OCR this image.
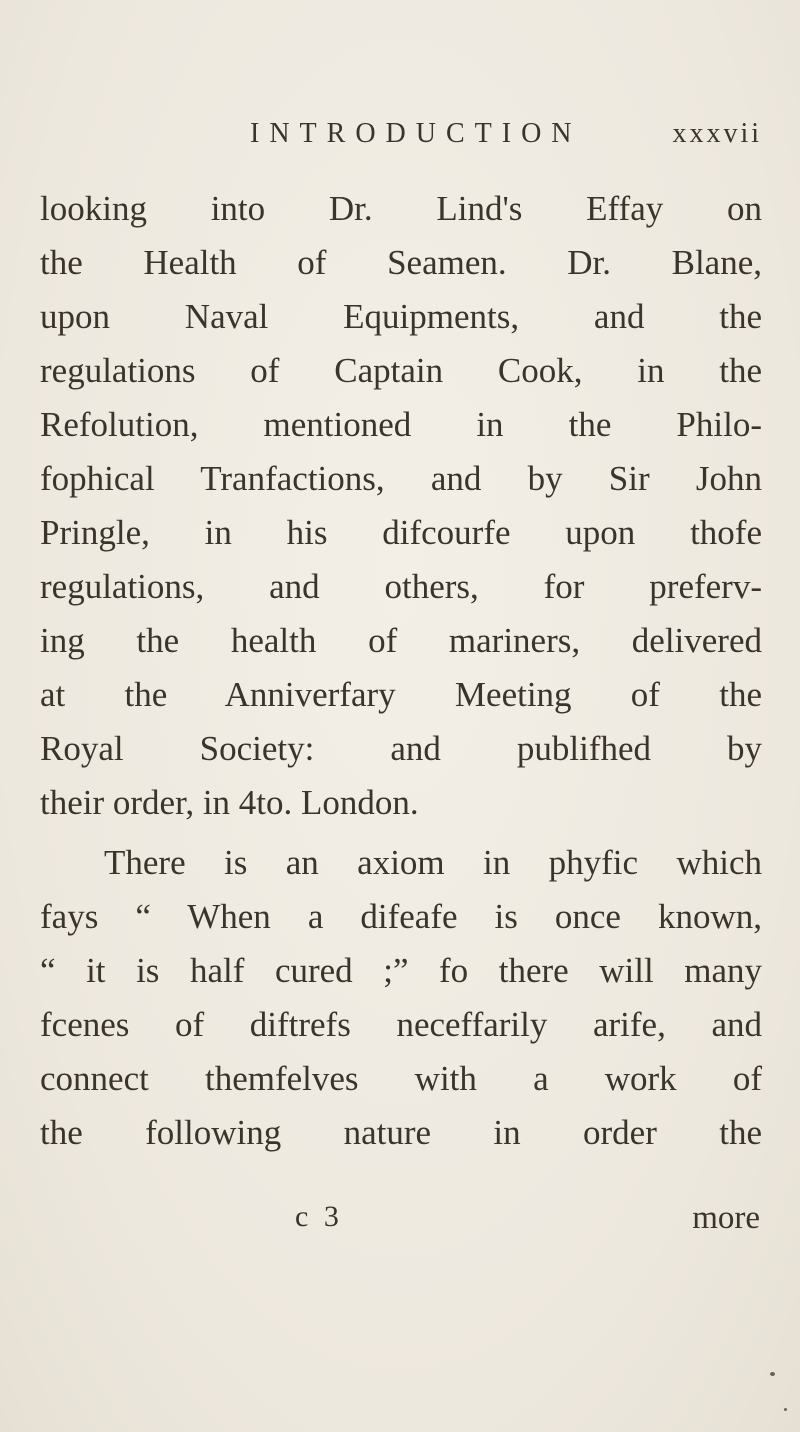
INTRODUCTION	xxxvii
looking into Dr. Lind's Effay on
the Health of Seamen. Dr. Blane,
upon Naval Equipments, and the
regulations of Captain Cook, in the
Refolution, mentioned in the Philo-
fophical Tranfactions, and by Sir John
Pringle, in his difcourfe upon thofe
regulations, and others, for preferv-
ing the health of mariners, delivered
at the Anniverfary Meeting of the
Royal Society: and publifhed by
their order, in 4to. London.
There is an axiom in phyfic which
fays “ When a difeafe is once known,
“ it is half cured ;” fo there will many
fcenes of diftrefs neceffarily arife, and
connect themfelves with a work of
the following nature in order the
c 3	more
